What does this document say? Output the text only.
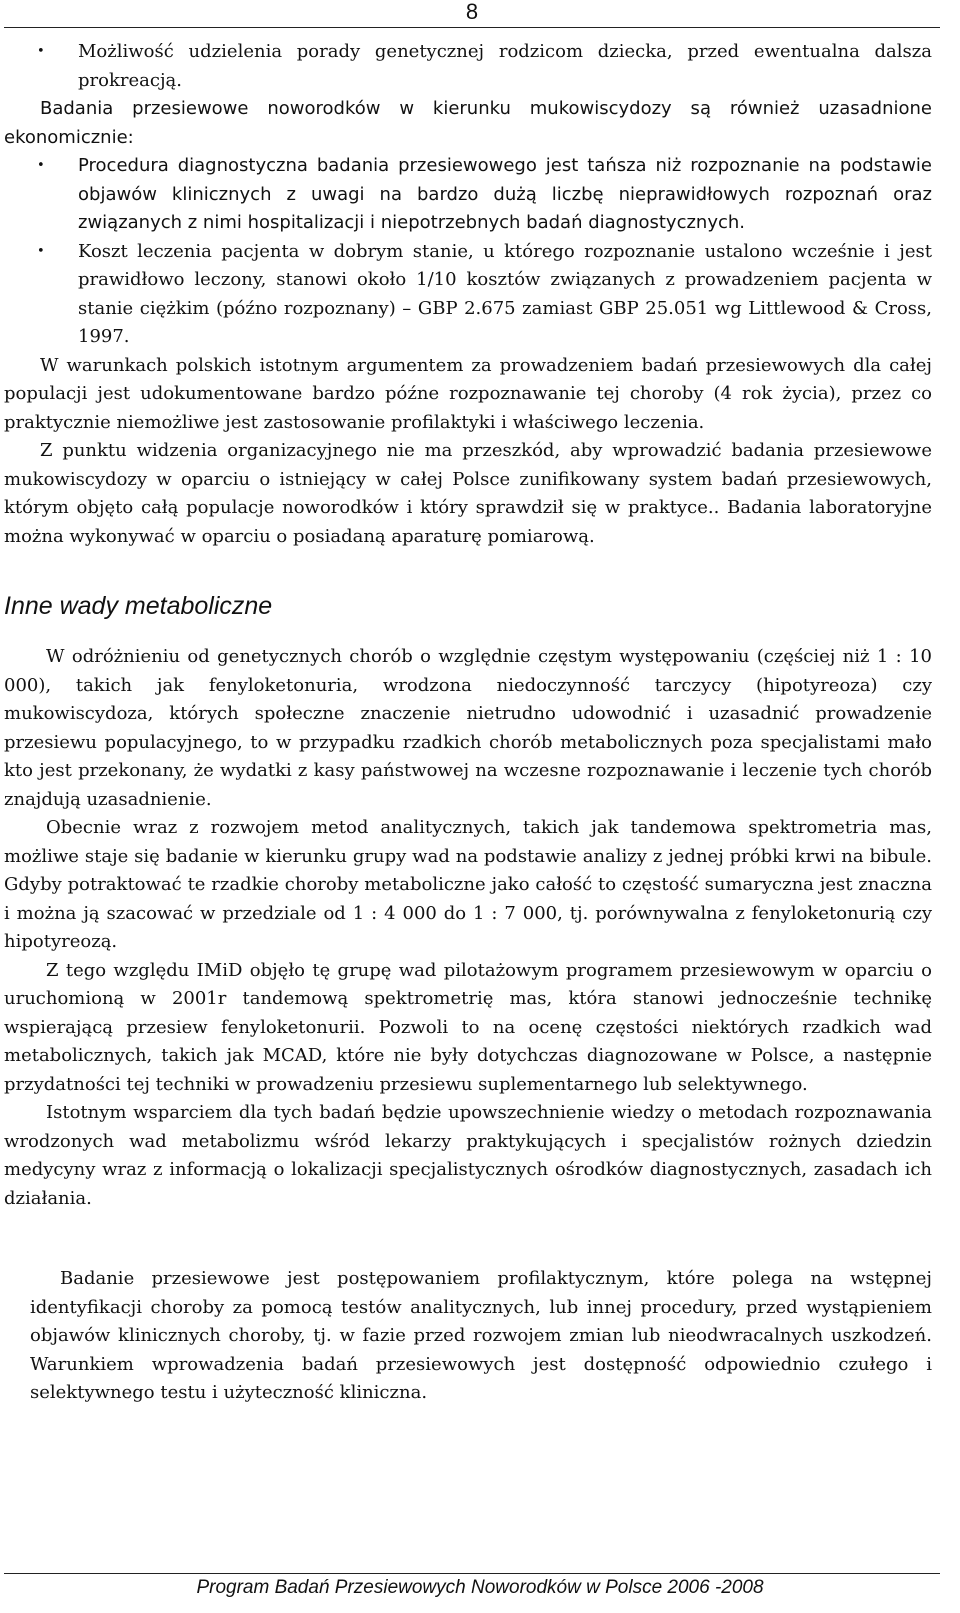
8
• Możliwość udzielenia porady genetycznej rodzicom dziecka, przed ewentualna dalsza prokreacją.

Badania przesiewowe noworodków w kierunku mukowiscydozy są również uzasadnione ekonomicznie:

• Procedura diagnostyczna badania przesiewowego jest tańsza niż rozpoznanie na podstawie objawów klinicznych z uwagi na bardzo dużą liczbę nieprawidłowych rozpoznań oraz związanych z nimi hospitalizacji i niepotrzebnych badań diagnostycznych.
• Koszt leczenia pacjenta w dobrym stanie, u którego rozpoznanie ustalono wcześnie i jest prawidłowo leczony, stanowi około 1/10 kosztów związanych z prowadzeniem pacjenta w stanie ciężkim (późno rozpoznany) – GBP 2.675 zamiast GBP 25.051 wg Littlewood & Cross, 1997.

W warunkach polskich istotnym argumentem za prowadzeniem badań przesiewowych dla całej populacji jest udokumentowane bardzo późne rozpoznawanie tej choroby (4 rok życia), przez co praktycznie niemożliwe jest zastosowanie profilaktyki i właściwego leczenia.

Z punktu widzenia organizacyjnego nie ma przeszkód, aby wprowadzić badania przesiewowe mukowiscydozy w oparciu o istniejący w całej Polsce zunifikowany system badań przesiewowych, którym objęto całą populacje noworodków i który sprawdził się w praktyce.. Badania laboratoryjne można wykonywać w oparciu o posiadaną aparaturę pomiarową.

Inne wady metaboliczne

W odróżnieniu od genetycznych chorób o względnie częstym występowaniu (częściej niż 1 : 10 000), takich jak fenyloketonuria, wrodzona niedoczynność tarczycy (hipotyreoza) czy mukowiscydoza, których społeczne znaczenie nietrudno udowodnić i uzasadnić prowadzenie przesiewu populacyjnego, to w przypadku rzadkich chorób metabolicznych poza specjalistami mało kto jest przekonany, że wydatki z kasy państwowej na wczesne rozpoznawanie i leczenie tych chorób znajdują uzasadnienie.

Obecnie wraz z rozwojem metod analitycznych, takich jak tandemowa spektrometria mas, możliwe staje się badanie w kierunku grupy wad na podstawie analizy z jednej próbki krwi na bibule. Gdyby potraktować te rzadkie choroby metaboliczne jako całość to częstość sumaryczna jest znaczna i można ją szacować w przedziale od 1 : 4 000 do 1 : 7 000, tj. porównywalna z fenyloketonurią czy hipotyreozą.

Z tego względu IMiD objęło tę grupę wad pilotażowym programem przesiewowym w oparciu o uruchomioną w 2001r tandemową spektrometrię mas, która stanowi jednocześnie technikę wspierającą przesiew fenyloketonurii. Pozwoli to na ocenę częstości niektórych rzadkich wad metabolicznych, takich jak MCAD, które nie były dotychczas diagnozowane w Polsce, a następnie przydatności tej techniki w prowadzeniu przesiewu suplementarnego lub selektywnego.

Istotnym wsparciem dla tych badań będzie upowszechnienie wiedzy o metodach rozpoznawania wrodzonych wad metabolizmu wśród lekarzy praktykujących i specjalistów rożnych dziedzin medycyny wraz z informacją o lokalizacji specjalistycznych ośrodków diagnostycznych, zasadach ich działania.

Badanie przesiewowe jest postępowaniem profilaktycznym, które polega na wstępnej identyfikacji choroby za pomocą testów analitycznych, lub innej procedury, przed wystąpieniem objawów klinicznych choroby, tj. w fazie przed rozwojem zmian lub nieodwracalnych uszkodzeń. Warunkiem wprowadzenia badań przesiewowych jest dostępność odpowiednio czułego i selektywnego testu i użyteczność kliniczna.

Program Badań Przesiewowych Noworodków w Polsce 2006 -2008
